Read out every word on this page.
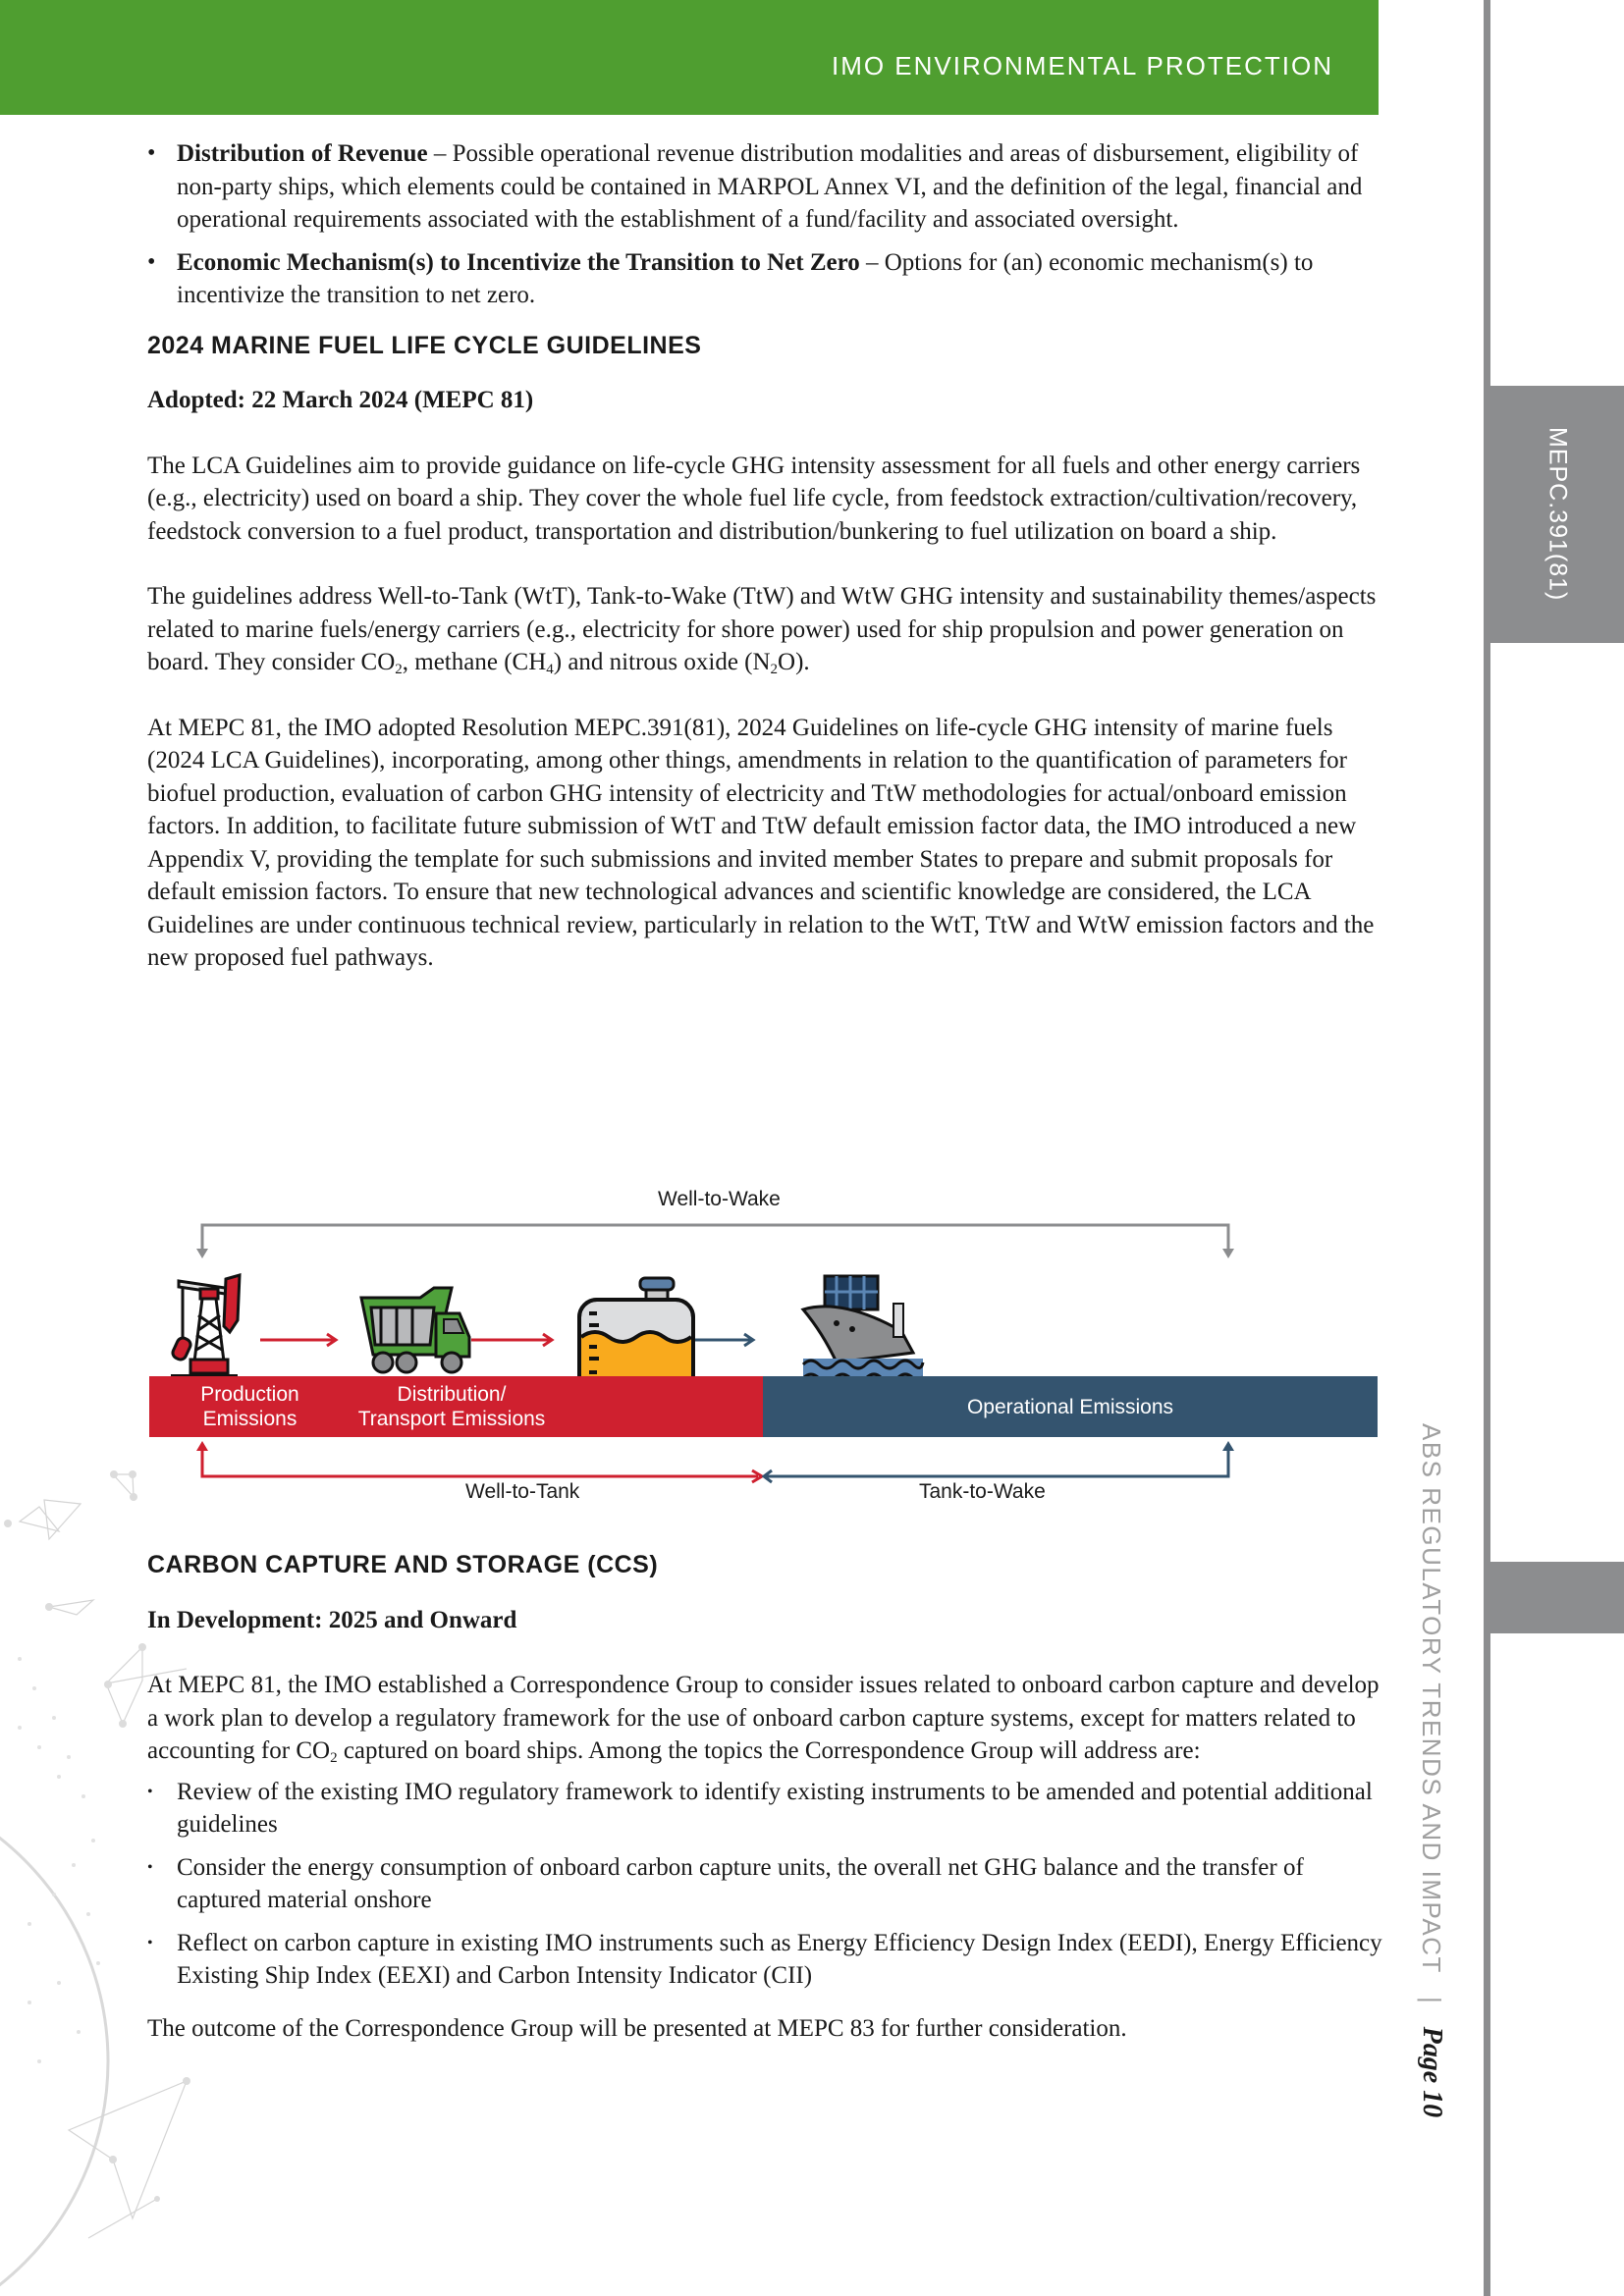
IMO ENVIRONMENTAL PROTECTION
MEPC.391(81)
ABS REGULATORY TRENDS AND IMPACT | Page 10
• Distribution of Revenue – Possible operational revenue distribution modalities and areas of disbursement, eligibility of non-party ships, which elements could be contained in MARPOL Annex VI, and the definition of the legal, financial and operational requirements associated with the establishment of a fund/facility and associated oversight.
• Economic Mechanism(s) to Incentivize the Transition to Net Zero – Options for (an) economic mechanism(s) to incentivize the transition to net zero.
2024 MARINE FUEL LIFE CYCLE GUIDELINES
Adopted: 22 March 2024 (MEPC 81)

The LCA Guidelines aim to provide guidance on life-cycle GHG intensity assessment for all fuels and other energy carriers (e.g., electricity) used on board a ship. They cover the whole fuel life cycle, from feedstock extraction/cultivation/recovery, feedstock conversion to a fuel product, transportation and distribution/bunkering to fuel utilization on board a ship.

The guidelines address Well-to-Tank (WtT), Tank-to-Wake (TtW) and WtW GHG intensity and sustainability themes/aspects related to marine fuels/energy carriers (e.g., electricity for shore power) used for ship propulsion and power generation on board. They consider $CO_2$, methane $(CH_4)$ and nitrous oxide $(N_2O)$.

At MEPC 81, the IMO adopted Resolution MEPC.391(81), 2024 Guidelines on life-cycle GHG intensity of marine fuels (2024 LCA Guidelines), incorporating, among other things, amendments in relation to the quantification of parameters for biofuel production, evaluation of carbon GHG intensity of electricity and TtW methodologies for actual/onboard emission factors. In addition, to facilitate future submission of WtT and TtW default emission factor data, the IMO introduced a new Appendix V, providing the template for such submissions and invited member States to prepare and submit proposals for default emission factors. To ensure that new technological advances and scientific knowledge are considered, the LCA Guidelines are under continuous technical review, particularly in relation to the WtT, TtW and WtW emission factors and the new proposed fuel pathways.

Well-to-Wake
Production
Emissions
Distribution/
Transport Emissions
Operational Emissions
Well-to-Tank	Tank-to-Wake
CARBON CAPTURE AND STORAGE (CCS)
In Development: 2025 and Onward

At MEPC 81, the IMO established a Correspondence Group to consider issues related to onboard carbon capture and develop a work plan to develop a regulatory framework for the use of onboard carbon capture systems, except for matters related to accounting for $CO_2$ captured on board ships. Among the topics the Correspondence Group will address are:

• Review of the existing IMO regulatory framework to identify existing instruments to be amended and potential additional guidelines
• Consider the energy consumption of onboard carbon capture units, the overall net GHG balance and the transfer of captured material onshore
• Reflect on carbon capture in existing IMO instruments such as Energy Efficiency Design Index (EEDI), Energy Efficiency Existing Ship Index (EEXI) and Carbon Intensity Indicator (CII)

The outcome of the Correspondence Group will be presented at MEPC 83 for further consideration.
